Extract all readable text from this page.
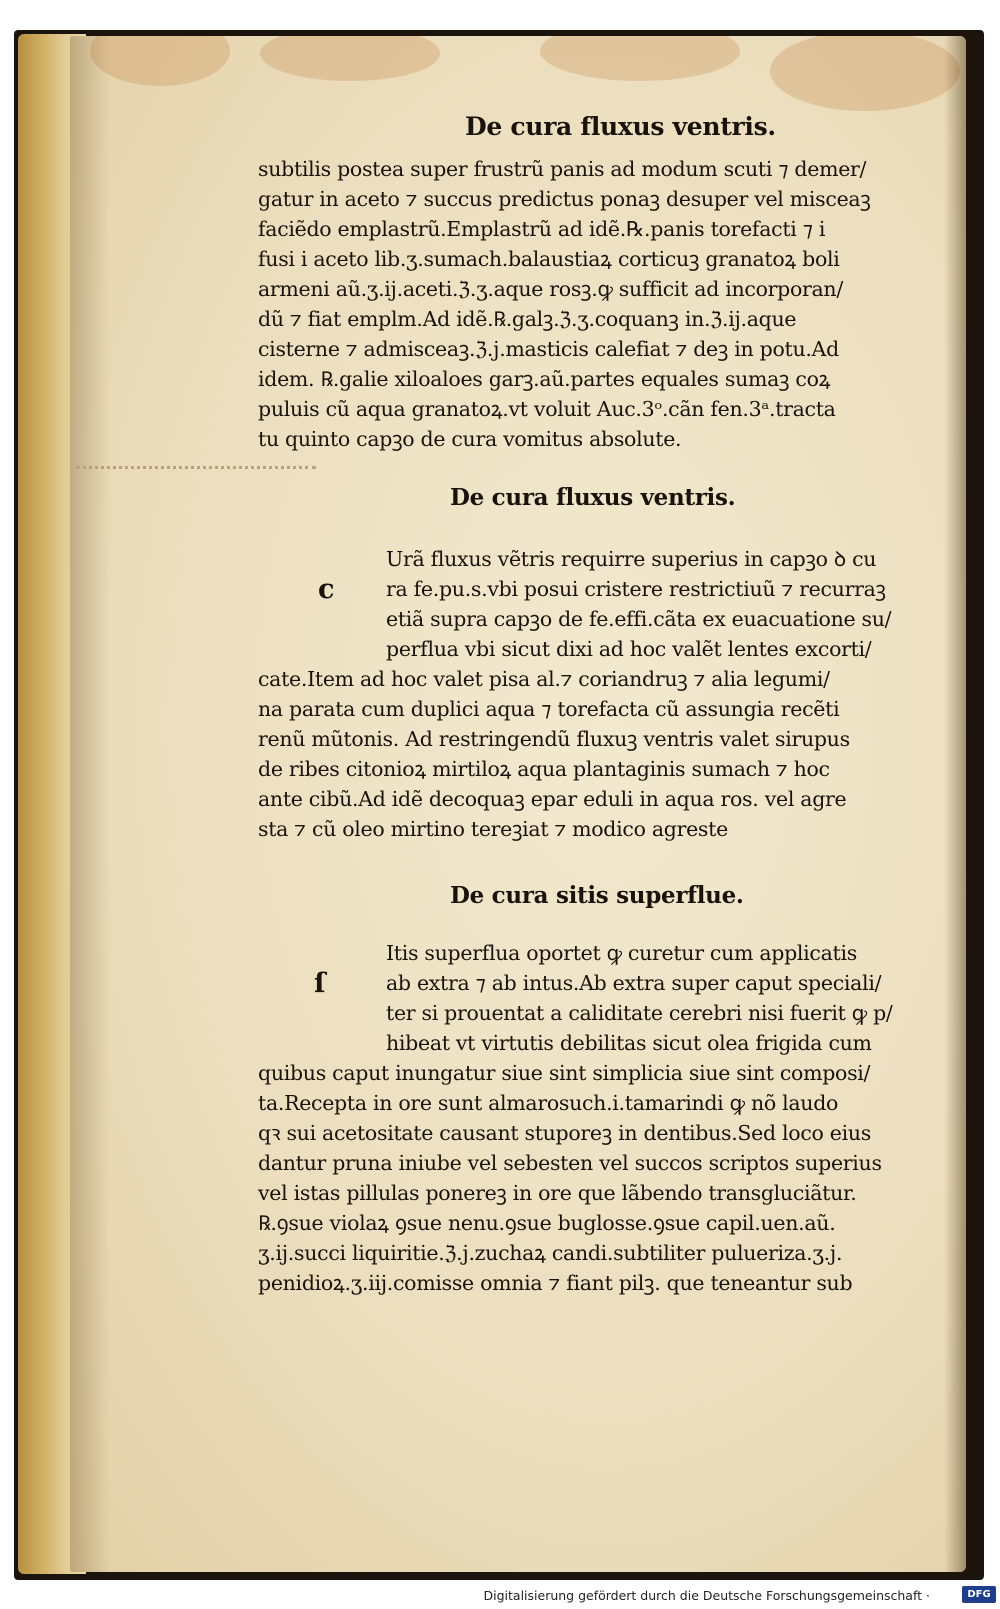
De cura fluxus ventris.
subtilis postea super frustrũ panis ad modum scuti ⁊ demer/
gatur in aceto ⁊ succus predictus ponaꝫ desuper vel misceaꝫ
faciẽdo emplastrũ.Emplastrũ ad idẽ.℞.panis torefacti ⁊ i
fusi i aceto lib.ʒ.sumach.balaustiaꝝ corticuꝫ granatoꝝ boli
armeni aũ.ʒ.ij.aceti.ℨ.ʒ.aque rosꝫ.ꝙ sufficit ad incorporan/
dũ ⁊ fiat emplm.Ad idẽ.℞.galꝫ.ℨ.ʒ.coquanꝫ in.ℨ.ij.aque
cisterne ⁊ admisceaꝫ.ℨ.j.masticis calefiat ⁊ deꝫ in potu.Ad
idem. ℞.galie xiloaloes garꝫ.aũ.partes equales sumaꝫ coꝝ
puluis cũ aqua granatoꝝ.vt voluit Auc.3ᵒ.cãn fen.3ᵃ.tracta
tu quinto capꝫo de cura vomitus absolute.
De cura fluxus ventris.
c
Urã fluxus vẽtris requirre superius in capꝫo ꝺ cu
ra fe.pu.s.vbi posui cristere restrictiuũ ⁊ recurraꝫ
etiã supra capꝫo de fe.effi.cãta ex euacuatione su/
perflua vbi sicut dixi ad hoc valẽt lentes excorti/
cate.Item ad hoc valet pisa al.⁊ coriandruꝫ ⁊ alia legumi/
na parata cum duplici aqua ⁊ torefacta cũ assungia recẽti
renũ mũtonis. Ad restringendũ fluxuꝫ ventris valet sirupus
de ribes citonioꝝ mirtiloꝝ aqua plantaginis sumach ⁊ hoc
ante cibũ.Ad idẽ decoquaꝫ epar eduli in aqua ros. vel agre
sta ⁊ cũ oleo mirtino tereꝫiat ⁊ modico agreste
De cura sitis superflue.
ſ
Itis superflua oportet ꝙ curetur cum applicatis
ab extra ⁊ ab intus.Ab extra super caput speciali/
ter si prouentat a caliditate cerebri nisi fuerit ꝙ p/
hibeat vt virtutis debilitas sicut olea frigida cum
quibus caput inungatur siue sint simplicia siue sint composi/
ta.Recepta in ore sunt almarosuch.i.tamarindi ꝙ nõ laudo
qꝛ sui acetositate causant stuporeꝫ in dentibus.Sed loco eius
dantur pruna iniube vel sebesten vel succos scriptos superius
vel istas pillulas ponereꝫ in ore que lãbendo transgluciãtur.
℞.ꝯsue violaꝝ ꝯsue nenu.ꝯsue buglosse.ꝯsue capil.uen.aũ.
ʒ.ij.succi liquiritie.ℨ.j.zuchaꝝ candi.subtiliter pulueriza.ʒ.j.
penidioꝝ.ʒ.iij.comisse omnia ⁊ fiant pilꝫ. que teneantur sub
Digitalisierung gefördert durch die Deutsche Forschungsgemeinschaft ·	DFG
